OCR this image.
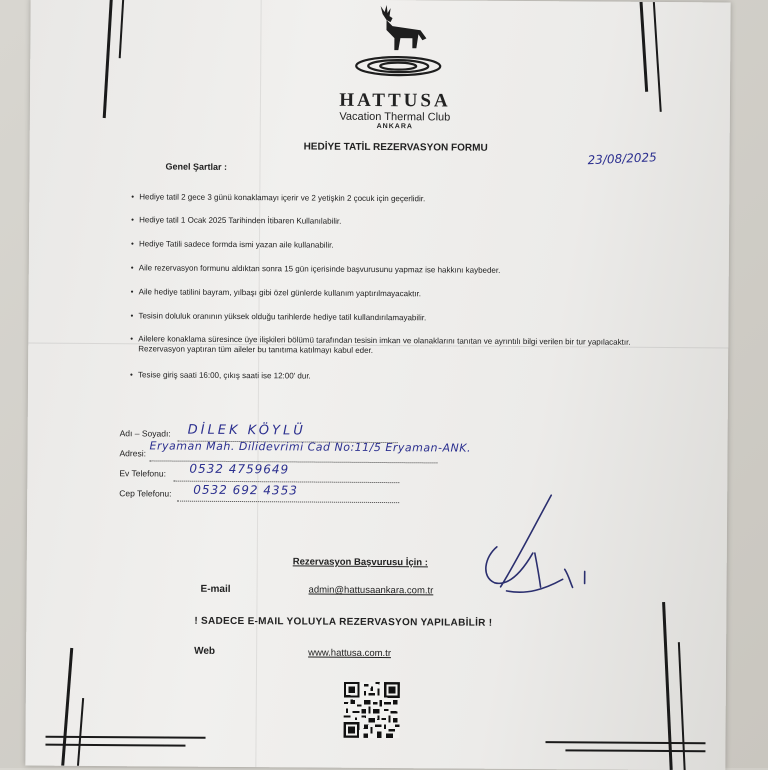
HATTUSA
Vacation Thermal Club
ANKARA
HEDİYE TATİL REZERVASYON FORMU
23/08/2025
Genel Şartlar :
• Hediye tatil 2 gece 3 günü konaklamayı içerir ve 2 yetişkin 2 çocuk için geçerlidir.
• Hediye tatil 1 Ocak 2025 Tarihinden İtibaren Kullanılabilir.
• Hediye Tatili sadece formda ismi yazan aile kullanabilir.
• Aile rezervasyon formunu aldıktan sonra 15 gün içerisinde başvurusunu yapmaz ise hakkını kaybeder.
• Aile hediye tatilini bayram, yılbaşı gibi özel günlerde kullanım yaptırılmayacaktır.
• Tesisin doluluk oranının yüksek olduğu tarihlerde hediye tatil kullandırılamayabilir.
• Ailelere konaklama süresince üye ilişkileri bölümü tarafından tesisin imkan ve olanaklarını tanıtan ve ayrıntılı bilgi verilen bir tur yapılacaktır. Rezervasyon yaptıran tüm aileler bu tanıtıma katılmayı kabul eder.
• Tesise giriş saati 16:00, çıkış saati ise 12:00' dur.
Adı – Soyadı: DİLEK KÖYLÜ
Adresi: Eryaman Mah. Dilidevrimi Cad No:11/5 Eryaman-ANK.
Ev Telefonu: 0532 4759649
Cep Telefonu: 0532 692 4353
Rezervasyon Başvurusu İçin :
E-mail	admin@hattusaankara.com.tr
! SADECE E-MAIL YOLUYLA REZERVASYON YAPILABİLİR !
Web	www.hattusa.com.tr
